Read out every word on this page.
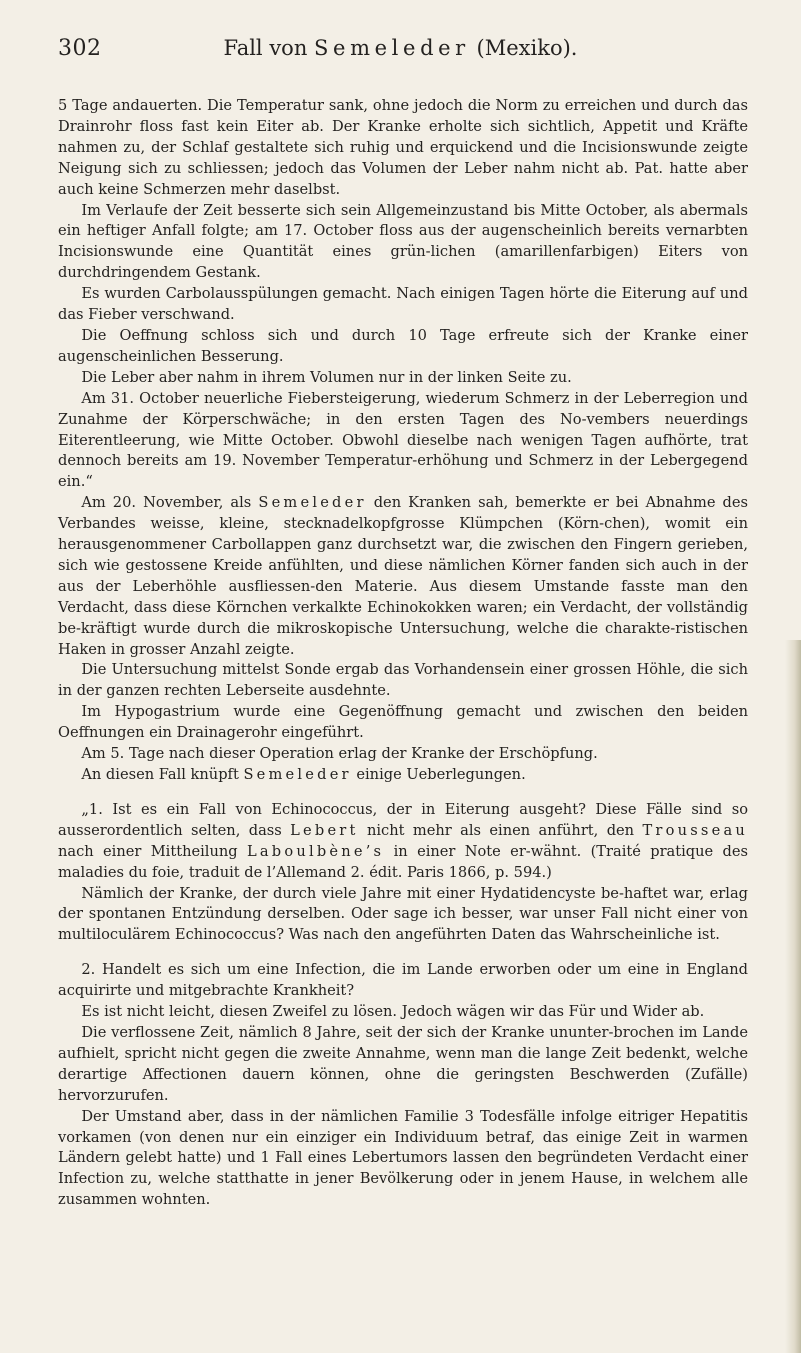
302	Fall von Semeleder (Mexiko).

5 Tage andauerten. Die Temperatur sank, ohne jedoch die Norm zu erreichen und durch das Drainrohr floss fast kein Eiter ab. Der Kranke erholte sich sichtlich, Appetit und Kräfte nahmen zu, der Schlaf gestaltete sich ruhig und erquickend und die Incisionswunde zeigte Neigung sich zu schliessen; jedoch das Volumen der Leber nahm nicht ab. Pat. hatte aber auch keine Schmerzen mehr daselbst.

Im Verlaufe der Zeit besserte sich sein Allgemeinzustand bis Mitte October, als abermals ein heftiger Anfall folgte; am 17. October floss aus der augenscheinlich bereits vernarbten Incisionswunde eine Quantität eines grün-lichen (amarillenfarbigen) Eiters von durchdringendem Gestank.

Es wurden Carbolausspülungen gemacht. Nach einigen Tagen hörte die Eiterung auf und das Fieber verschwand.

Die Oeffnung schloss sich und durch 10 Tage erfreute sich der Kranke einer augenscheinlichen Besserung.

Die Leber aber nahm in ihrem Volumen nur in der linken Seite zu.

Am 31. October neuerliche Fiebersteigerung, wiederum Schmerz in der Leberregion und Zunahme der Körperschwäche; in den ersten Tagen des No-vembers neuerdings Eiterentleerung, wie Mitte October. Obwohl dieselbe nach wenigen Tagen aufhörte, trat dennoch bereits am 19. November Temperatur-erhöhung und Schmerz in der Lebergegend ein.“

Am 20. November, als Semeleder den Kranken sah, bemerkte er bei Abnahme des Verbandes weisse, kleine, stecknadelkopfgrosse Klümpchen (Körn-chen), womit ein herausgenommener Carbollappen ganz durchsetzt war, die zwischen den Fingern gerieben, sich wie gestossene Kreide anfühlten, und diese nämlichen Körner fanden sich auch in der aus der Leberhöhle ausfliessen-den Materie. Aus diesem Umstande fasste man den Verdacht, dass diese Körnchen verkalkte Echinokokken waren; ein Verdacht, der vollständig be-kräftigt wurde durch die mikroskopische Untersuchung, welche die charakte-ristischen Haken in grosser Anzahl zeigte.

Die Untersuchung mittelst Sonde ergab das Vorhandensein einer grossen Höhle, die sich in der ganzen rechten Leberseite ausdehnte.

Im Hypogastrium wurde eine Gegenöffnung gemacht und zwischen den beiden Oeffnungen ein Drainagerohr eingeführt.

Am 5. Tage nach dieser Operation erlag der Kranke der Erschöpfung.

An diesen Fall knüpft Semeleder einige Ueberlegungen.

„1. Ist es ein Fall von Echinococcus, der in Eiterung ausgeht? Diese Fälle sind so ausserordentlich selten, dass Lebert nicht mehr als einen anführt, den Trousseau nach einer Mittheilung Laboulbène’s in einer Note er-wähnt. (Traité pratique des maladies du foie, traduit de l’Allemand 2. édit. Paris 1866, p. 594.)

Nämlich der Kranke, der durch viele Jahre mit einer Hydatidencyste be-haftet war, erlag der spontanen Entzündung derselben. Oder sage ich besser, war unser Fall nicht einer von multiloculärem Echinococcus? Was nach den angeführten Daten das Wahrscheinliche ist.

2. Handelt es sich um eine Infection, die im Lande erworben oder um eine in England acquirirte und mitgebrachte Krankheit?

Es ist nicht leicht, diesen Zweifel zu lösen. Jedoch wägen wir das Für und Wider ab.

Die verflossene Zeit, nämlich 8 Jahre, seit der sich der Kranke ununter-brochen im Lande aufhielt, spricht nicht gegen die zweite Annahme, wenn man die lange Zeit bedenkt, welche derartige Affectionen dauern können, ohne die geringsten Beschwerden (Zufälle) hervorzurufen.

Der Umstand aber, dass in der nämlichen Familie 3 Todesfälle infolge eitriger Hepatitis vorkamen (von denen nur ein einziger ein Individuum betraf, das einige Zeit in warmen Ländern gelebt hatte) und 1 Fall eines Lebertumors lassen den begründeten Verdacht einer Infection zu, welche statthatte in jener Bevölkerung oder in jenem Hause, in welchem alle zusammen wohnten.
